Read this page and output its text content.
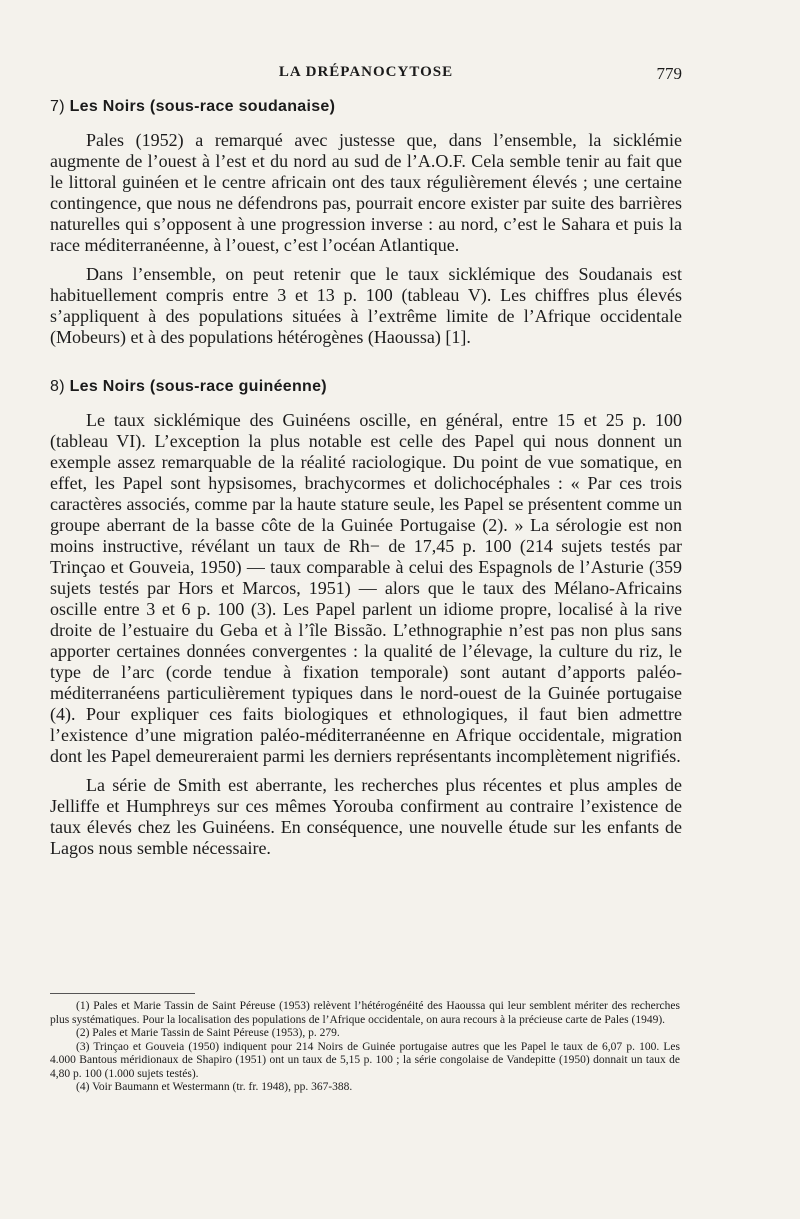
LA DRÉPANOCYTOSE	779
7) Les Noirs (sous-race soudanaise)

Pales (1952) a remarqué avec justesse que, dans l’ensemble, la sicklémie augmente de l’ouest à l’est et du nord au sud de l’A.O.F. Cela semble tenir au fait que le littoral guinéen et le centre africain ont des taux régulièrement élevés ; une certaine contingence, que nous ne défendrons pas, pourrait encore exister par suite des barrières naturelles qui s’opposent à une progression inverse : au nord, c’est le Sahara et puis la race méditerranéenne, à l’ouest, c’est l’océan Atlantique.

Dans l’ensemble, on peut retenir que le taux sicklémique des Soudanais est habituellement compris entre 3 et 13 p. 100 (tableau V). Les chiffres plus élevés s’appliquent à des populations situées à l’extrême limite de l’Afrique occidentale (Mobeurs) et à des populations hétérogènes (Haoussa) [1].

8) Les Noirs (sous-race guinéenne)

Le taux sicklémique des Guinéens oscille, en général, entre 15 et 25 p. 100 (tableau VI). L’exception la plus notable est celle des Papel qui nous donnent un exemple assez remarquable de la réalité raciologique. Du point de vue somatique, en effet, les Papel sont hypsisomes, brachycormes et dolichocéphales : « Par ces trois caractères associés, comme par la haute stature seule, les Papel se présentent comme un groupe aberrant de la basse côte de la Guinée Portugaise (2). » La sérologie est non moins instructive, révélant un taux de Rh− de 17,45 p. 100 (214 sujets testés par Trinçao et Gouveia, 1950) — taux comparable à celui des Espagnols de l’Asturie (359 sujets testés par Hors et Marcos, 1951) — alors que le taux des Mélano-Africains oscille entre 3 et 6 p. 100 (3). Les Papel parlent un idiome propre, localisé à la rive droite de l’estuaire du Geba et à l’île Bissão. L’ethnographie n’est pas non plus sans apporter certaines données convergentes : la qualité de l’élevage, la culture du riz, le type de l’arc (corde tendue à fixation temporale) sont autant d’apports paléo-méditerranéens particulièrement typiques dans le nord-ouest de la Guinée portugaise (4). Pour expliquer ces faits biologiques et ethnologiques, il faut bien admettre l’existence d’une migration paléo-méditerranéenne en Afrique occidentale, migration dont les Papel demeureraient parmi les derniers représentants incomplètement nigrifiés.

La série de Smith est aberrante, les recherches plus récentes et plus amples de Jelliffe et Humphreys sur ces mêmes Yorouba confirment au contraire l’existence de taux élevés chez les Guinéens. En conséquence, une nouvelle étude sur les enfants de Lagos nous semble nécessaire.

(1) Pales et Marie Tassin de Saint Péreuse (1953) relèvent l’hétérogénéité des Haoussa qui leur semblent mériter des recherches plus systématiques. Pour la localisation des populations de l’Afrique occidentale, on aura recours à la précieuse carte de Pales (1949).

(2) Pales et Marie Tassin de Saint Péreuse (1953), p. 279.

(3) Trinçao et Gouveia (1950) indiquent pour 214 Noirs de Guinée portugaise autres que les Papel le taux de 6,07 p. 100. Les 4.000 Bantous méridionaux de Shapiro (1951) ont un taux de 5,15 p. 100 ; la série congolaise de Vandepitte (1950) donnait un taux de 4,80 p. 100 (1.000 sujets testés).

(4) Voir Baumann et Westermann (tr. fr. 1948), pp. 367-388.
